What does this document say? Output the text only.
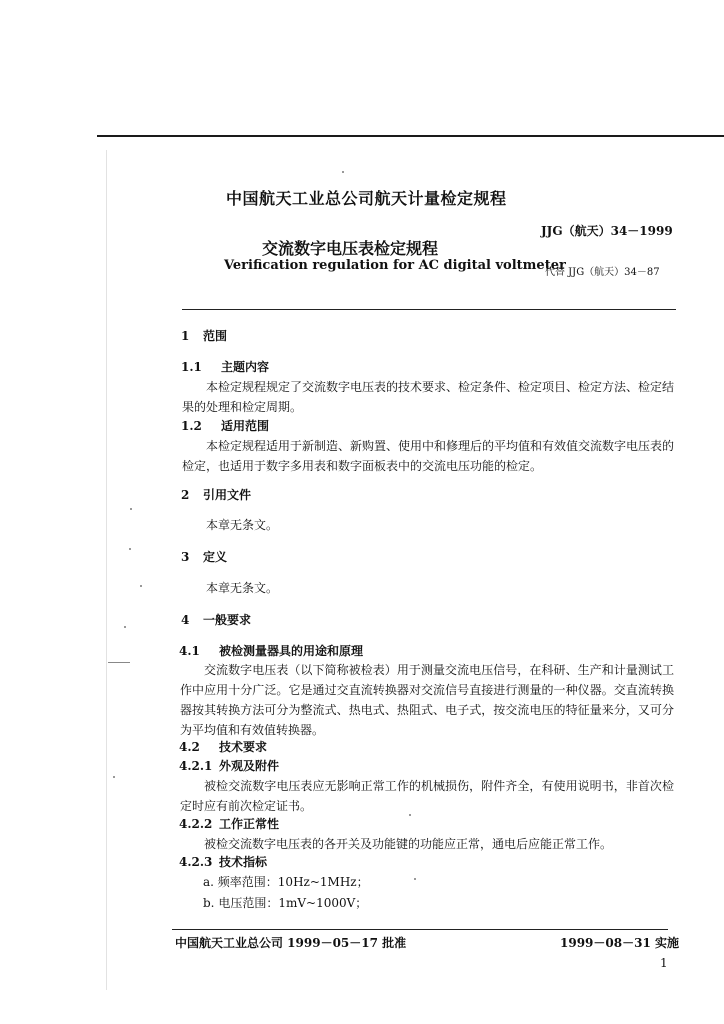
中国航天工业总公司航天计量检定规程
JJG（航天）34－1999
交流数字电压表检定规程
Verification regulation for AC digital voltmeter
代替 JJG（航天）34－87
1 范围
1.1 主题内容
本检定规程规定了交流数字电压表的技术要求、检定条件、检定项目、检定方法、检定结果的处理和检定周期。
1.2 适用范围
本检定规程适用于新制造、新购置、使用中和修理后的平均值和有效值交流数字电压表的检定，也适用于数字多用表和数字面板表中的交流电压功能的检定。
2 引用文件
本章无条文。
3 定义
本章无条文。
4 一般要求
4.1 被检测量器具的用途和原理
交流数字电压表（以下简称被检表）用于测量交流电压信号，在科研、生产和计量测试工作中应用十分广泛。它是通过交直流转换器对交流信号直接进行测量的一种仪器。交直流转换器按其转换方法可分为整流式、热电式、热阻式、电子式，按交流电压的特征量来分，又可分为平均值和有效值转换器。
4.2 技术要求
4.2.1 外观及附件
被检交流数字电压表应无影响正常工作的机械损伤，附件齐全，有使用说明书，非首次检定时应有前次检定证书。
4.2.2 工作正常性
被检交流数字电压表的各开关及功能键的功能应正常，通电后应能正常工作。
4.2.3 技术指标
a. 频率范围：10Hz~1MHz；
b. 电压范围：1mV~1000V；
中国航天工业总公司 1999－05－17 批准	1999－08－31 实施
1
